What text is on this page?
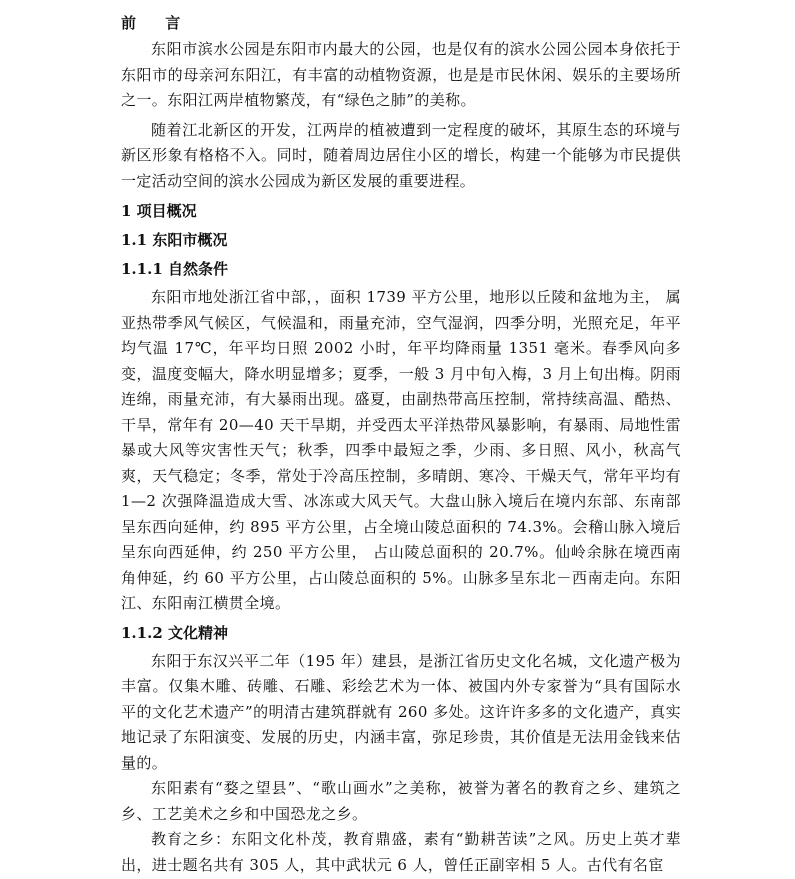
前 言

东阳市滨水公园是东阳市内最大的公园，也是仅有的滨水公园公园本身依托于东阳市的母亲河东阳江，有丰富的动植物资源，也是是市民休闲、娱乐的主要场所之一。东阳江两岸植物繁茂，有“绿色之肺”的美称。

随着江北新区的开发，江两岸的植被遭到一定程度的破坏，其原生态的环境与新区形象有格格不入。同时，随着周边居住小区的增长，构建一个能够为市民提供一定活动空间的滨水公园成为新区发展的重要进程。

1 项目概况
1.1 东阳市概况
1.1.1 自然条件

东阳市地处浙江省中部，，面积 1739 平方公里，地形以丘陵和盆地为主， 属亚热带季风气候区，气候温和，雨量充沛，空气湿润，四季分明，光照充足，年平均气温 17℃，年平均日照 2002 小时，年平均降雨量 1351 毫米。春季风向多变，温度变幅大，降水明显增多；夏季，一般 3 月中旬入梅，3 月上旬出梅。阴雨连绵，雨量充沛，有大暴雨出现。盛夏，由副热带高压控制，常持续高温、酷热、干旱，常年有 20—40 天干旱期，并受西太平洋热带风暴影响，有暴雨、局地性雷暴或大风等灾害性天气；秋季，四季中最短之季，少雨、多日照、风小，秋高气爽，天气稳定；冬季，常处于冷高压控制，多晴朗、寒冷、干燥天气，常年平均有 1—2 次强降温造成大雪、冰冻或大风天气。大盘山脉入境后在境内东部、东南部呈东西向延伸，约 895 平方公里，占全境山陵总面积的 74.3%。会稽山脉入境后呈东向西延伸，约 250 平方公里， 占山陵总面积的 20.7%。仙岭余脉在境西南角伸延，约 60 平方公里，占山陵总面积的 5%。山脉多呈东北－西南走向。东阳江、东阳南江横贯全境。

1.1.2 文化精神

东阳于东汉兴平二年（195 年）建县，是浙江省历史文化名城，文化遗产极为丰富。仅集木雕、砖雕、石雕、彩绘艺术为一体、被国内外专家誉为“具有国际水平的文化艺术遗产”的明清古建筑群就有 260 多处。这许许多多的文化遗产，真实地记录了东阳演变、发展的历史，内涵丰富，弥足珍贵，其价值是无法用金钱来估量的。

东阳素有“婺之望县”、“歌山画水”之美称，被誉为著名的教育之乡、建筑之乡、工艺美术之乡和中国恐龙之乡。

教育之乡：东阳文化朴茂，教育鼎盛，素有“勤耕苦读”之风。历史上英才辈出，进士题名共有 305 人，其中武状元 6 人，曾任正副宰相 5 人。古代有名宦
